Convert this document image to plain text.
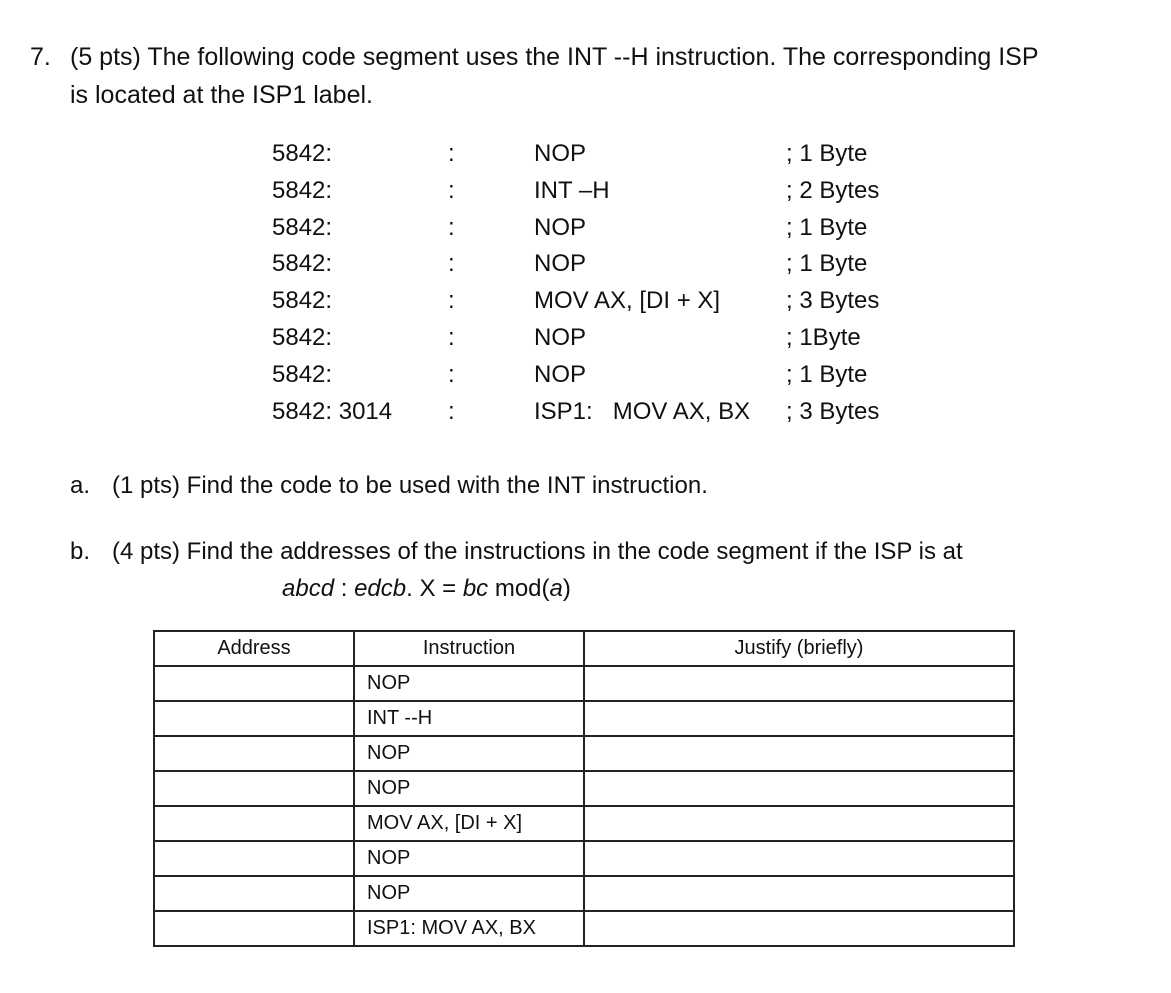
7. (5 pts) The following code segment uses the INT --H instruction. The corresponding ISP
is located at the ISP1 label.
5842:	:	NOP	; 1 Byte
5842:	:	INT –H	; 2 Bytes
5842:	:	NOP	; 1 Byte
5842:	:	NOP	; 1 Byte
5842:	:	MOV AX, [DI + X]	; 3 Bytes
5842:	:	NOP	; 1Byte
5842:	:	NOP	; 1 Byte
5842: 3014 :	ISP1:   MOV AX, BX ; 3 Bytes
a. (1 pts) Find the code to be used with the INT instruction.
b. (4 pts) Find the addresses of the instructions in the code segment if the ISP is at
abcd : edcb. X = bc mod(a)
Address	Instruction	Justify (briefly)
	NOP	
	INT --H	
	NOP	
	NOP	
	MOV AX, [DI + X]	
	NOP	
	NOP	
	ISP1: MOV AX, BX	
